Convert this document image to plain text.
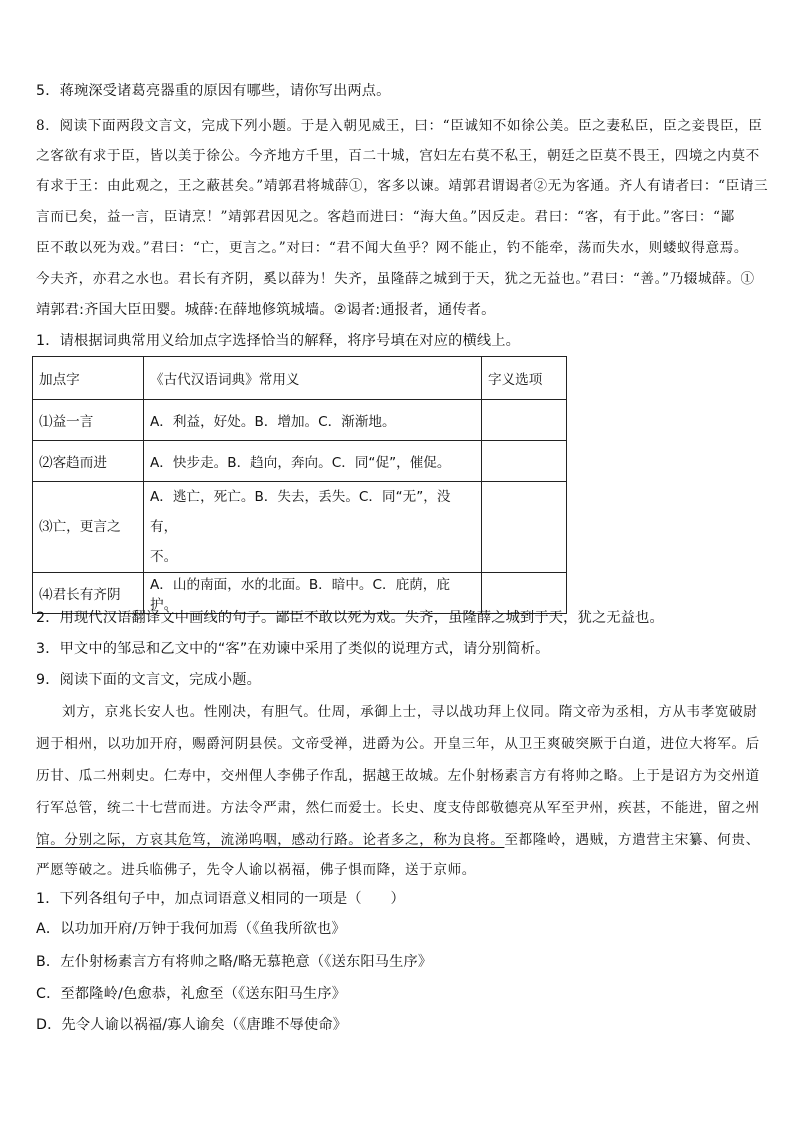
5．蒋琬深受诸葛亮器重的原因有哪些，请你写出两点。
8．阅读下面两段文言文，完成下列小题。于是入朝见威王，曰：“臣诚知不如徐公美。臣之妻私臣，臣之妾畏臣，臣
之客欲有求于臣，皆以美于徐公。今齐地方千里，百二十城，宫妇左右莫不私王，朝廷之臣莫不畏王，四境之内莫不
有求于王：由此观之，王之蔽甚矣。”靖郭君将城薛①，客多以谏。靖郭君谓谒者②无为客通。齐人有请者曰：“臣请三
言而已矣，益一言，臣请烹！”靖郭君因见之。客趋而进曰：“海大鱼。”因反走。君曰：“客，有于此。”客曰：“鄙
臣不敢以死为戏。”君曰：“亡，更言之。”对曰：“君不闻大鱼乎？网不能止，钓不能牵，荡而失水，则蝼蚁得意焉。
今夫齐，亦君之水也。君长有齐阴，奚以薛为！失齐，虽隆薛之城到于天，犹之无益也。”君曰：“善。”乃辍城薛。①
靖郭君:齐国大臣田婴。城薛:在薛地修筑城墙。②谒者:通报者，通传者。
1．请根据词典常用义给加点字选择恰当的解释，将序号填在对应的横线上。
加点字	《古代汉语词典》常用义	字义选项
⑴益一言	A．利益，好处。B．增加。C．渐渐地。	
⑵客趋而进	A．快步走。B．趋向，奔向。C．同“促”，催促。	
⑶亡，更言之	A．逃亡，死亡。B．失去，丢失。C．同“无”，没有，
不。	

⑷君长有齐阴	A．山的南面，水的北面。B．暗中。C．庇荫，庇护。	
2．用现代汉语翻译文中画线的句子。鄙臣不敢以死为戏。失齐，虽隆薛之城到于天，犹之无益也。
3．甲文中的邹忌和乙文中的“客”在劝谏中采用了类似的说理方式，请分别简析。
9．阅读下面的文言文，完成小题。
刘方，京兆长安人也。性刚决，有胆气。仕周，承御上士，寻以战功拜上仪同。隋文帝为丞相，方从韦孝宽破尉
迥于相州，以功加开府，赐爵河阴县侯。文帝受禅，进爵为公。开皇三年，从卫王爽破突厥于白道，进位大将军。后
历甘、瓜二州刺史。仁寿中，交州俚人李佛子作乱，据越王故城。左仆射杨素言方有将帅之略。上于是诏方为交州道
行军总管，统二十七营而进。方法令严肃，然仁而爱士。长史、度支侍郎敬德亮从军至尹州，疾甚，不能进，留之州
馆。分别之际，方哀其危笃，流涕呜咽，感动行路。论者多之，称为良将。至都隆岭，遇贼，方遣营主宋纂、何贵、
严愿等破之。进兵临佛子，先令人谕以祸福，佛子惧而降，送于京师。
1．下列各组句子中，加点词语意义相同的一项是（　　）
A．以功加开府/万钟于我何加焉（《鱼我所欲也》
B．左仆射杨素言方有将帅之略/略无慕艳意（《送东阳马生序》
C．至都隆岭/色愈恭，礼愈至（《送东阳马生序》
D．先令人谕以祸福/寡人谕矣（《唐雎不辱使命》
